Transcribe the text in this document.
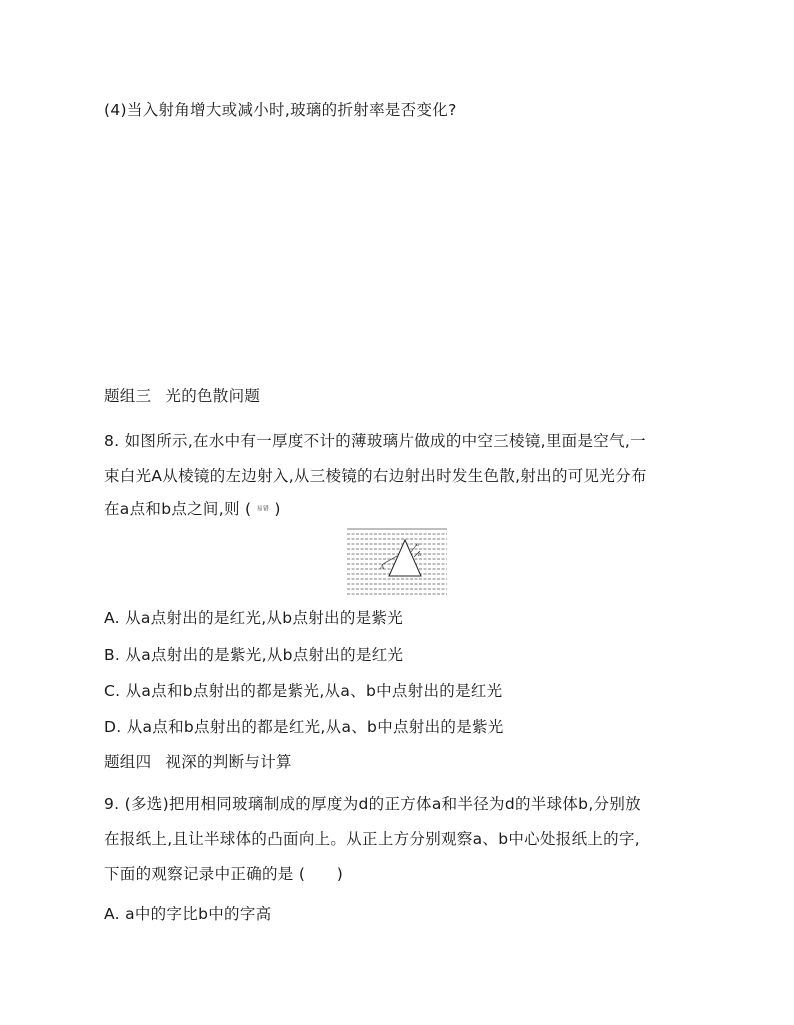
(4)当入射角增大或减小时,玻璃的折射率是否变化?
题组三 光的色散问题
8. 如图所示,在水中有一厚度不计的薄玻璃片做成的中空三棱镜,里面是空气,一
束白光A从棱镜的左边射入,从三棱镜的右边射出时发生色散,射出的可见光分布
在a点和b点之间,则 ( 易错 )
A
a
b
A. 从a点射出的是红光,从b点射出的是紫光
B. 从a点射出的是紫光,从b点射出的是红光
C. 从a点和b点射出的都是紫光,从a、b中点射出的是红光
D. 从a点和b点射出的都是红光,从a、b中点射出的是紫光
题组四 视深的判断与计算
9. (多选)把用相同玻璃制成的厚度为d的正方体a和半径为d的半球体b,分别放
在报纸上,且让半球体的凸面向上。从正上方分别观察a、b中心处报纸上的字,
下面的观察记录中正确的是 (　　)
A. a中的字比b中的字高
